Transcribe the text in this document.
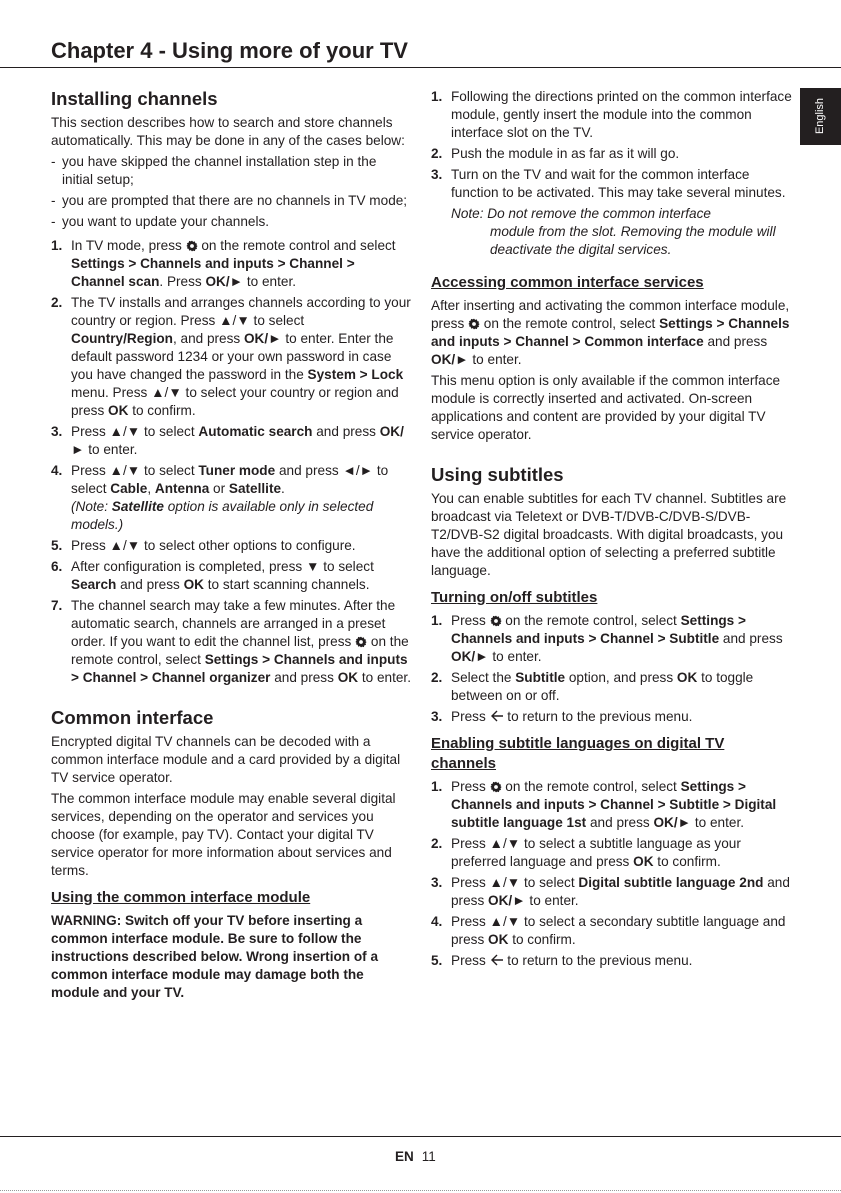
Chapter 4 - Using more of your TV
English
Installing channels

This section describes how to search and store channels automatically. This may be done in any of the cases below:

- you have skipped the channel installation step in the initial setup;
- you are prompted that there are no channels in TV mode;
- you want to update your channels.
1. In TV mode, press  on the remote control and select Settings > Channels and inputs > Channel > Channel scan. Press OK/► to enter.
2. The TV installs and arranges channels according to your country or region. Press ▲/▼ to select Country/Region, and press OK/► to enter. Enter the default password 1234 or your own password in case you have changed the password in the System > Lock menu. Press ▲/▼ to select your country or region and press OK to confirm.
3. Press ▲/▼ to select Automatic search and press OK/► to enter.
4. Press ▲/▼ to select Tuner mode and press ◄/► to select Cable, Antenna or Satellite.
(Note: Satellite option is available only in selected models.)
5. Press ▲/▼ to select other options to configure.
6. After configuration is completed, press ▼ to select Search and press OK to start scanning channels.
7. The channel search may take a few minutes. After the automatic search, channels are arranged in a preset order. If you want to edit the channel list, press  on the remote control, select Settings > Channels and inputs > Channel > Channel organizer and press OK to enter.
Common interface

Encrypted digital TV channels can be decoded with a common interface module and a card provided by a digital TV service operator.

The common interface module may enable several digital services, depending on the operator and services you choose (for example, pay TV). Contact your digital TV service operator for more information about services and terms.

Using the common interface module

WARNING: Switch off your TV before inserting a common interface module. Be sure to follow the instructions described below. Wrong insertion of a common interface module may damage both the module and your TV.

1. Following the directions printed on the common interface module, gently insert the module into the common interface slot on the TV.
2. Push the module in as far as it will go.
3. Turn on the TV and wait for the common interface function to be activated. This may take several minutes.
Note: Do not remove the common interface
module from the slot. Removing the module will deactivate the digital services.
Accessing common interface services

After inserting and activating the common interface module, press  on the remote control, select Settings > Channels and inputs > Channel > Common interface and press OK/► to enter.

This menu option is only available if the common interface module is correctly inserted and activated. On-screen applications and content are provided by your digital TV service operator.

Using subtitles

You can enable subtitles for each TV channel. Subtitles are broadcast via Teletext or DVB-T/DVB-C/DVB-S/DVB-T2/DVB-S2 digital broadcasts. With digital broadcasts, you have the additional option of selecting a preferred subtitle language.

Turning on/off subtitles
1. Press  on the remote control, select Settings > Channels and inputs > Channel > Subtitle and press OK/► to enter.
2. Select the Subtitle option, and press OK to toggle between on or off.
3. Press  to return to the previous menu.
Enabling subtitle languages on digital TV channels
1. Press  on the remote control, select Settings > Channels and inputs > Channel > Subtitle > Digital subtitle language 1st and press OK/► to enter.
2. Press ▲/▼ to select a subtitle language as your preferred language and press OK to confirm.
3. Press ▲/▼ to select Digital subtitle language 2nd and press OK/► to enter.
4. Press ▲/▼ to select a secondary subtitle language and press OK to confirm.
5. Press  to return to the previous menu.
EN 11
